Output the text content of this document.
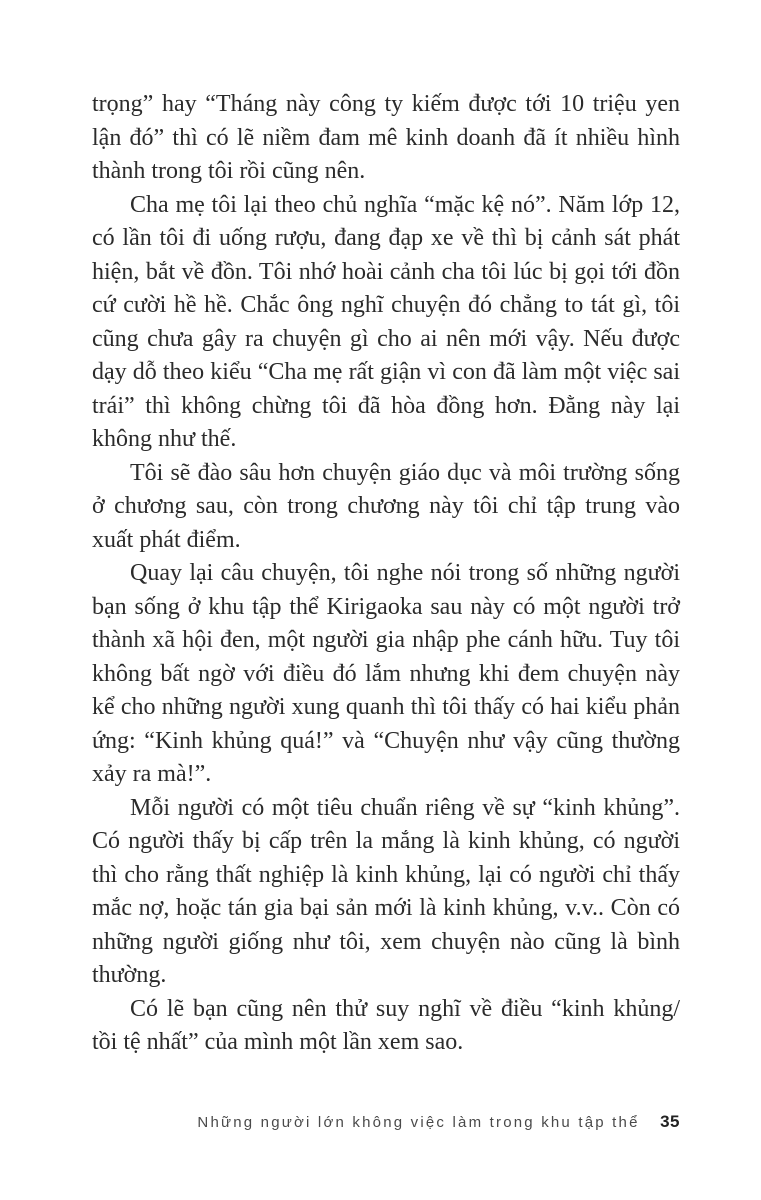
trọng” hay “Tháng này công ty kiếm được tới 10 triệu yen lận đó” thì có lẽ niềm đam mê kinh doanh đã ít nhiều hình thành trong tôi rồi cũng nên.

Cha mẹ tôi lại theo chủ nghĩa “mặc kệ nó”. Năm lớp 12, có lần tôi đi uống rượu, đang đạp xe về thì bị cảnh sát phát hiện, bắt về đồn. Tôi nhớ hoài cảnh cha tôi lúc bị gọi tới đồn cứ cười hề hề. Chắc ông nghĩ chuyện đó chẳng to tát gì, tôi cũng chưa gây ra chuyện gì cho ai nên mới vậy. Nếu được dạy dỗ theo kiểu “Cha mẹ rất giận vì con đã làm một việc sai trái” thì không chừng tôi đã hòa đồng hơn. Đằng này lại không như thế.

Tôi sẽ đào sâu hơn chuyện giáo dục và môi trường sống ở chương sau, còn trong chương này tôi chỉ tập trung vào xuất phát điểm.

Quay lại câu chuyện, tôi nghe nói trong số những người bạn sống ở khu tập thể Kirigaoka sau này có một người trở thành xã hội đen, một người gia nhập phe cánh hữu. Tuy tôi không bất ngờ với điều đó lắm nhưng khi đem chuyện này kể cho những người xung quanh thì tôi thấy có hai kiểu phản ứng: “Kinh khủng quá!” và “Chuyện như vậy cũng thường xảy ra mà!”.

Mỗi người có một tiêu chuẩn riêng về sự “kinh khủng”. Có người thấy bị cấp trên la mắng là kinh khủng, có người thì cho rằng thất nghiệp là kinh khủng, lại có người chỉ thấy mắc nợ, hoặc tán gia bại sản mới là kinh khủng, v.v.. Còn có những người giống như tôi, xem chuyện nào cũng là bình thường.

Có lẽ bạn cũng nên thử suy nghĩ về điều “kinh khủng/ tồi tệ nhất” của mình một lần xem sao.

Những người lớn không việc làm trong khu tập thể 35
